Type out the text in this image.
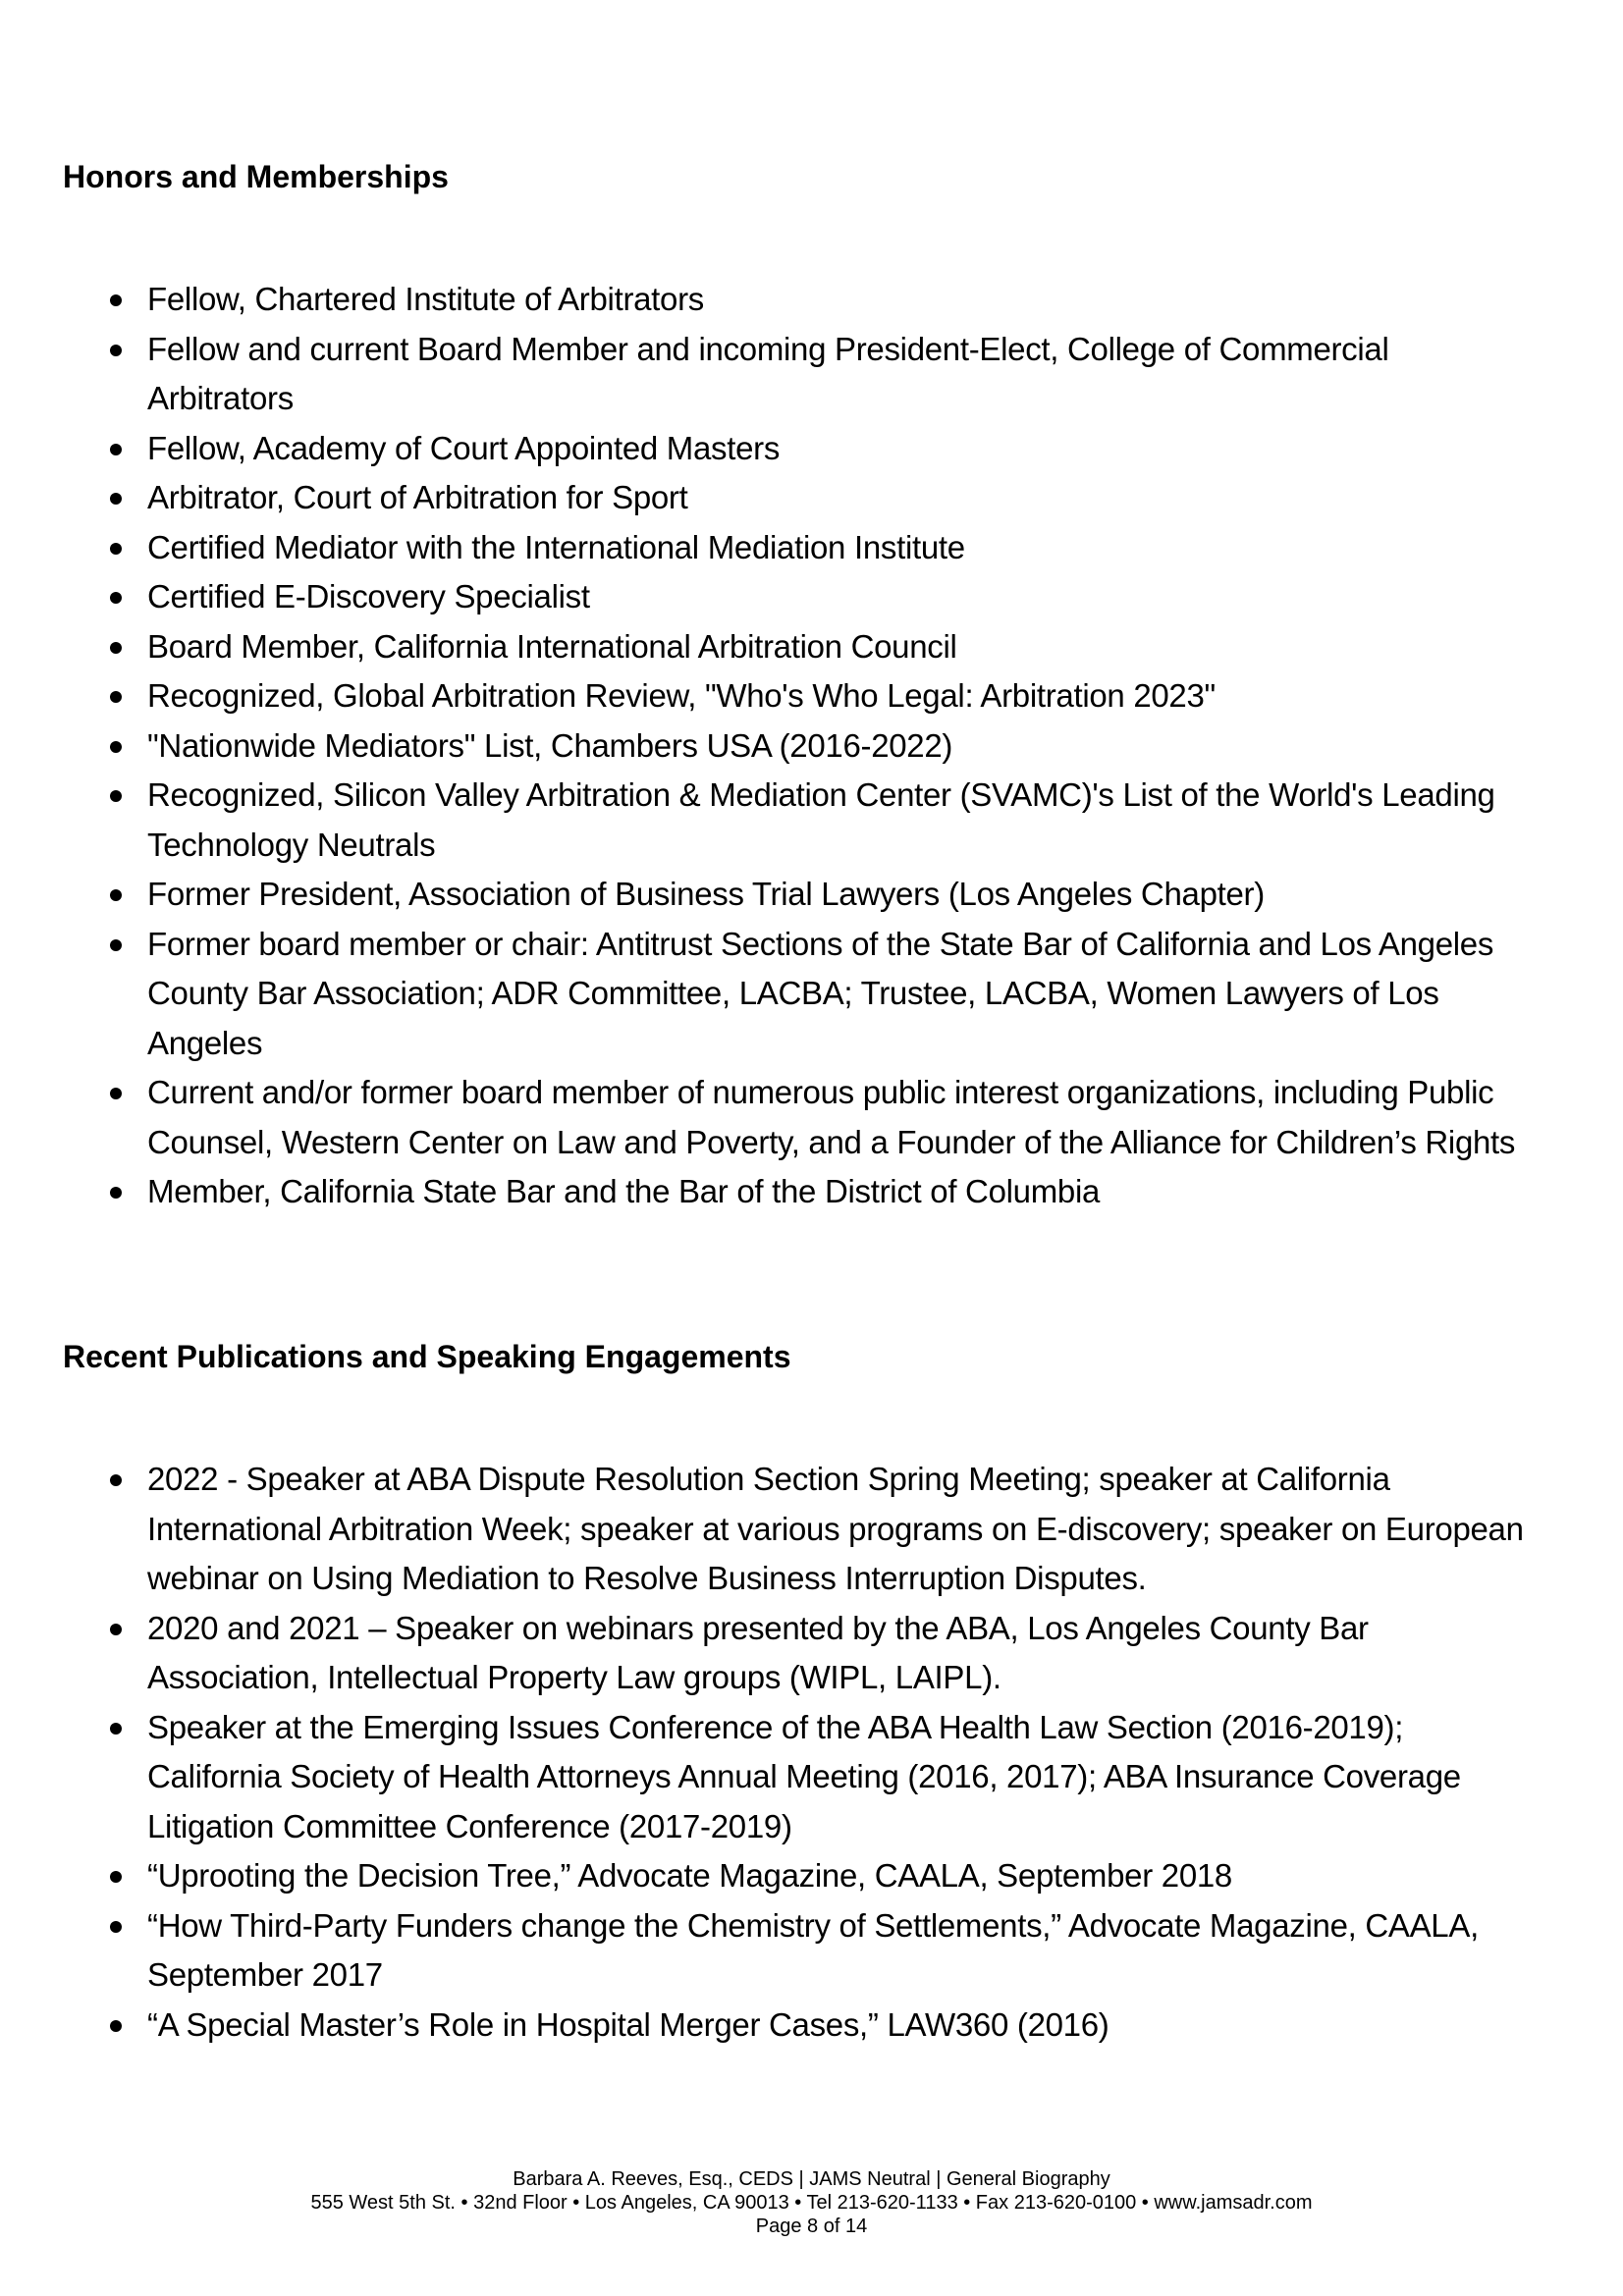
Honors and Memberships
Fellow, Chartered Institute of Arbitrators
Fellow and current Board Member and incoming President-Elect, College of Commercial Arbitrators
Fellow, Academy of Court Appointed Masters
Arbitrator, Court of Arbitration for Sport
Certified Mediator with the International Mediation Institute
Certified E-Discovery Specialist
Board Member, California International Arbitration Council
Recognized, Global Arbitration Review, "Who's Who Legal: Arbitration 2023"
"Nationwide Mediators" List, Chambers USA (2016-2022)
Recognized, Silicon Valley Arbitration & Mediation Center (SVAMC)'s List of the World's Leading Technology Neutrals
Former President, Association of Business Trial Lawyers (Los Angeles Chapter)
Former board member or chair: Antitrust Sections of the State Bar of California and Los Angeles County Bar Association; ADR Committee, LACBA; Trustee, LACBA, Women Lawyers of Los Angeles
Current and/or former board member of numerous public interest organizations, including Public Counsel, Western Center on Law and Poverty, and a Founder of the Alliance for Children’s Rights
Member, California State Bar and the Bar of the District of Columbia
Recent Publications and Speaking Engagements
2022 - Speaker at ABA Dispute Resolution Section Spring Meeting; speaker at California International Arbitration Week; speaker at various programs on E-discovery; speaker on European webinar on Using Mediation to Resolve Business Interruption Disputes.
2020 and 2021 – Speaker on webinars presented by the ABA, Los Angeles County Bar Association, Intellectual Property Law groups (WIPL, LAIPL).
Speaker at the Emerging Issues Conference of the ABA Health Law Section (2016-2019); California Society of Health Attorneys Annual Meeting (2016, 2017); ABA Insurance Coverage Litigation Committee Conference (2017-2019)
“Uprooting the Decision Tree,” Advocate Magazine, CAALA, September 2018
“How Third-Party Funders change the Chemistry of Settlements,” Advocate Magazine, CAALA, September 2017
“A Special Master’s Role in Hospital Merger Cases,” LAW360 (2016)
Barbara A. Reeves, Esq., CEDS | JAMS Neutral | General Biography
555 West 5th St. • 32nd Floor • Los Angeles, CA 90013 • Tel 213-620-1133 • Fax 213-620-0100 • www.jamsadr.com
Page 8 of 14
